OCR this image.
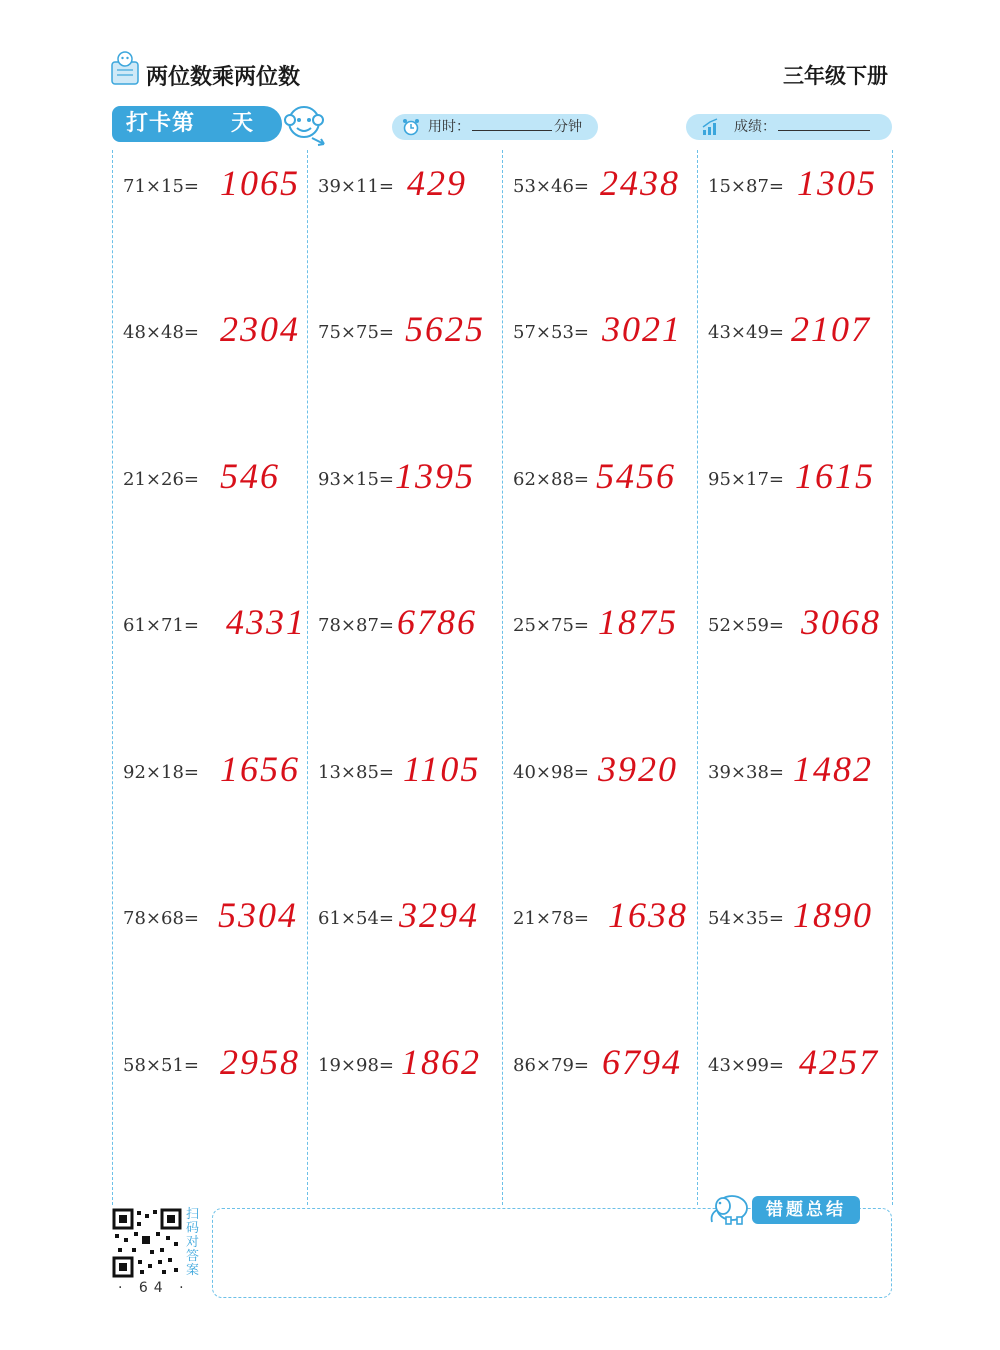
两位数乘两位数	三年级下册
打卡第 天	用时：	分钟	成绩：
71×15= 1065
48×48= 2304
21×26= 546
61×71= 4331
92×18= 1656
78×68= 5304
58×51= 2958
39×11= 429
75×75= 5625
93×15= 1395
78×87= 6786
13×85= 1105
61×54= 3294
19×98= 1862
53×46= 2438
57×53= 3021
62×88= 5456
25×75= 1875
40×98= 3920
21×78= 1638
86×79= 6794
15×87= 1305
43×49= 2107
95×17= 1615
52×59= 3068
39×38= 1482
54×35= 1890
43×99= 4257
扫码对答案
· 64 ·
错题总结
